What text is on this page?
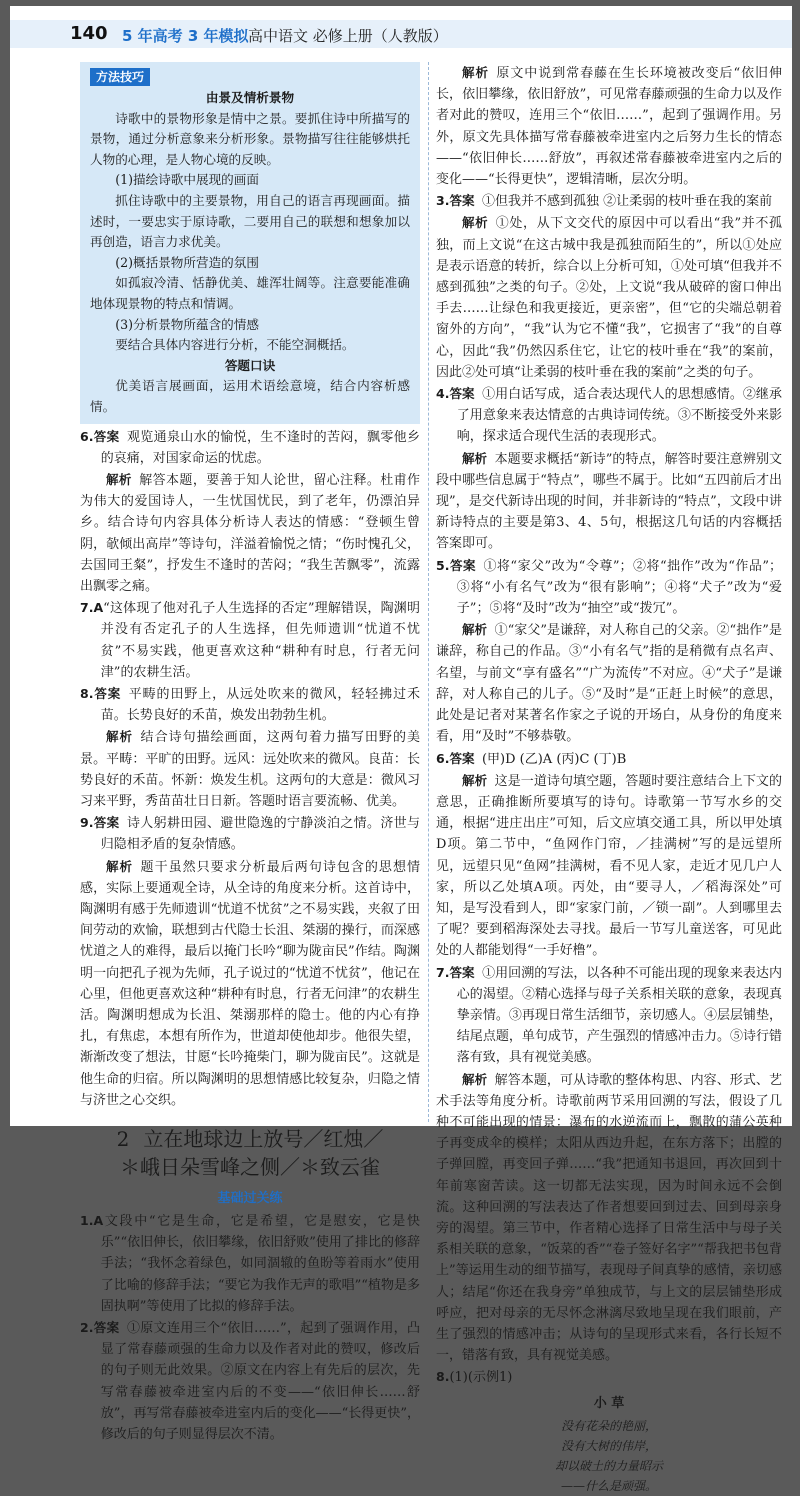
140 5 年高考 3 年模拟 高中语文 必修上册（人教版）
方法技巧

由景及情析景物

诗歌中的景物形象是情中之景。要抓住诗中所描写的景物，通过分析意象来分析形象。景物描写往往能够烘托人物的心理，是人物心境的反映。

(1)描绘诗歌中展现的画面

抓住诗歌中的主要景物，用自己的语言再现画面。描述时，一要忠实于原诗歌，二要用自己的联想和想象加以再创造，语言力求优美。

(2)概括景物所营造的氛围

如孤寂冷清、恬静优美、雄浑壮阔等。注意要能准确地体现景物的特点和情调。

(3)分析景物所蕴含的情感

要结合具体内容进行分析，不能空洞概括。

答题口诀

优美语言展画面，运用术语绘意境，结合内容析感情。

6.答案 观览通泉山水的愉悦，生不逢时的苦闷，飘零他乡的哀痛，对国家命运的忧虑。

解析 解答本题，要善于知人论世，留心注释。杜甫作为伟大的爱国诗人，一生忧国忧民，到了老年，仍漂泊异乡。结合诗句内容具体分析诗人表达的情感：“登顿生曾阴，欹倾出高岸”等诗句，洋溢着愉悦之情；“伤时愧孔父，去国同王粲”，抒发生不逢时的苦闷；“我生苦飘零”，流露出飘零之痛。

7.A“这体现了他对孔子人生选择的否定”理解错误，陶渊明并没有否定孔子的人生选择，但先师遗训“忧道不忧贫”不易实践，他更喜欢这种“耕种有时息，行者无问津”的农耕生活。

8.答案 平畴的田野上，从远处吹来的微风，轻轻拂过禾苗。长势良好的禾苗，焕发出勃勃生机。

解析 结合诗句描绘画面，这两句着力描写田野的美景。平畴：平旷的田野。远风：远处吹来的微风。良苗：长势良好的禾苗。怀新：焕发生机。这两句的大意是：微风习习来平野，秀苗苗壮日日新。答题时语言要流畅、优美。

9.答案 诗人躬耕田园、避世隐逸的宁静淡泊之情。济世与归隐相矛盾的复杂情感。

解析 题干虽然只要求分析最后两句诗包含的思想情感，实际上要通观全诗，从全诗的角度来分析。这首诗中，陶渊明有感于先师遗训“忧道不忧贫”之不易实践，夹叙了田间劳动的欢愉，联想到古代隐士长沮、桀溺的操行，而深感忧道之人的难得，最后以掩门长吟“聊为陇亩民”作结。陶渊明一向把孔子视为先师，孔子说过的“忧道不忧贫”，他记在心里，但他更喜欢这种“耕种有时息，行者无问津”的农耕生活。陶渊明想成为长沮、桀溺那样的隐士。他的内心有挣扎，有焦虑，本想有所作为，世道却使他却步。他很失望，渐渐改变了想法，甘愿“长吟掩柴门，聊为陇亩民”。这就是他生命的归宿。所以陶渊明的思想情感比较复杂，归隐之情与济世之心交织。

2 立在地球边上放号／红烛／
＊峨日朵雪峰之侧／＊致云雀
基础过关练

1.A文段中“它是生命，它是希望，它是慰安，它是快乐”“依旧伸长，依旧攀缘，依旧舒败”使用了排比的修辞手法；“我怀念着绿色，如同涸辙的鱼盼等着雨水”使用了比喻的修辞手法；“要它为我作无声的歌唱”“植物是多固执啊”等使用了比拟的修辞手法。

2.答案 ①原文连用三个“依旧……”，起到了强调作用，凸显了常春藤顽强的生命力以及作者对此的赞叹，修改后的句子则无此效果。②原文在内容上有先后的层次，先写常春藤被牵进室内后的不变——“依旧伸长……舒放”，再写常春藤被牵进室内后的变化——“长得更快”，修改后的句子则显得层次不清。

解析 原文中说到常春藤在生长环境被改变后“依旧伸长，依旧攀缘，依旧舒放”，可见常春藤顽强的生命力以及作者对此的赞叹，连用三个“依旧……”，起到了强调作用。另外，原文先具体描写常春藤被牵进室内之后努力生长的情态——“依旧伸长……舒放”，再叙述常春藤被牵进室内之后的变化——“长得更快”，逻辑清晰，层次分明。

3.答案 ①但我并不感到孤独 ②让柔弱的枝叶垂在我的案前

解析 ①处，从下文交代的原因中可以看出“我”并不孤独，而上文说“在这古城中我是孤独而陌生的”，所以①处应是表示语意的转折，综合以上分析可知，①处可填“但我并不感到孤独”之类的句子。②处，上文说“我从破碎的窗口伸出手去……让绿色和我更接近，更亲密”，但“它的尖端总朝着窗外的方向”，“我”认为它不懂“我”，它损害了“我”的自尊心，因此“我”仍然囚系住它，让它的枝叶垂在“我”的案前，因此②处可填“让柔弱的枝叶垂在我的案前”之类的句子。

4.答案 ①用白话写成，适合表达现代人的思想感情。②继承了用意象来表达情意的古典诗词传统。③不断接受外来影响，探求适合现代生活的表现形式。

解析 本题要求概括“新诗”的特点，解答时要注意辨别文段中哪些信息属于“特点”，哪些不属于。比如“五四前后才出现”，是交代新诗出现的时间，并非新诗的“特点”，文段中讲新诗特点的主要是第3、4、5句，根据这几句话的内容概括答案即可。

5.答案 ①将“家父”改为“令尊”；②将“拙作”改为“作品”；③将“小有名气”改为“很有影响”；④将“犬子”改为“爱子”；⑤将“及时”改为“抽空”或“拨冗”。

解析 ①“家父”是谦辞，对人称自己的父亲。②“拙作”是谦辞，称自己的作品。③“小有名气”指的是稍微有点名声、名望，与前文“享有盛名”“广为流传”不对应。④“犬子”是谦辞，对人称自己的儿子。⑤“及时”是“正赶上时候”的意思，此处是记者对某著名作家之子说的开场白，从身份的角度来看，用“及时”不够恭敬。

6.答案 (甲)D (乙)A (丙)C (丁)B

解析 这是一道诗句填空题，答题时要注意结合上下文的意思，正确推断所要填写的诗句。诗歌第一节写水乡的交通，根据“进庄出庄”可知，后文应填交通工具，所以甲处填D项。第二节中，“鱼网作门帘，／挂满树”写的是远望所见，远望只见“鱼网”挂满树，看不见人家，走近才见几户人家，所以乙处填A项。丙处，由“要寻人，／稻海深处”可知，是写没看到人，即“家家门前，／锁一副”。人到哪里去了呢？要到稻海深处去寻找。最后一节写儿童送客，可见此处的人都能划得“一手好橹”。

7.答案 ①用回溯的写法，以各种不可能出现的现象来表达内心的渴望。②精心选择与母子关系相关联的意象，表现真挚亲情。③再现日常生活细节，亲切感人。④层层铺垫，结尾点题，单句成节，产生强烈的情感冲击力。⑤诗行错落有致，具有视觉美感。

解析 解答本题，可从诗歌的整体构思、内容、形式、艺术手法等角度分析。诗歌前两节采用回溯的写法，假设了几种不可能出现的情景：瀑布的水逆流而上，飘散的蒲公英种子再变成伞的模样；太阳从西边升起，在东方落下；出膛的子弹回膛，再变回子弹……“我”把通知书退回，再次回到十年前寒窗苦读。这一切都无法实现，因为时间永远不会倒流。这种回溯的写法表达了作者想要回到过去、回到母亲身旁的渴望。第三节中，作者精心选择了日常生活中与母子关系相关联的意象，“饭菜的香”“卷子签好名字”“帮我把书包背上”等运用生动的细节描写，表现母子间真挚的感情，亲切感人；结尾“你还在我身旁”单独成节，与上文的层层铺垫形成呼应，把对母亲的无尽怀念淋漓尽致地呈现在我们眼前，产生了强烈的情感冲击；从诗句的呈现形式来看，各行长短不一，错落有致，具有视觉美感。

8.(1)(示例1)

小 草
没有花朵的艳丽，
没有大树的伟岸，
却以破土的力量昭示
——什么是顽强。
